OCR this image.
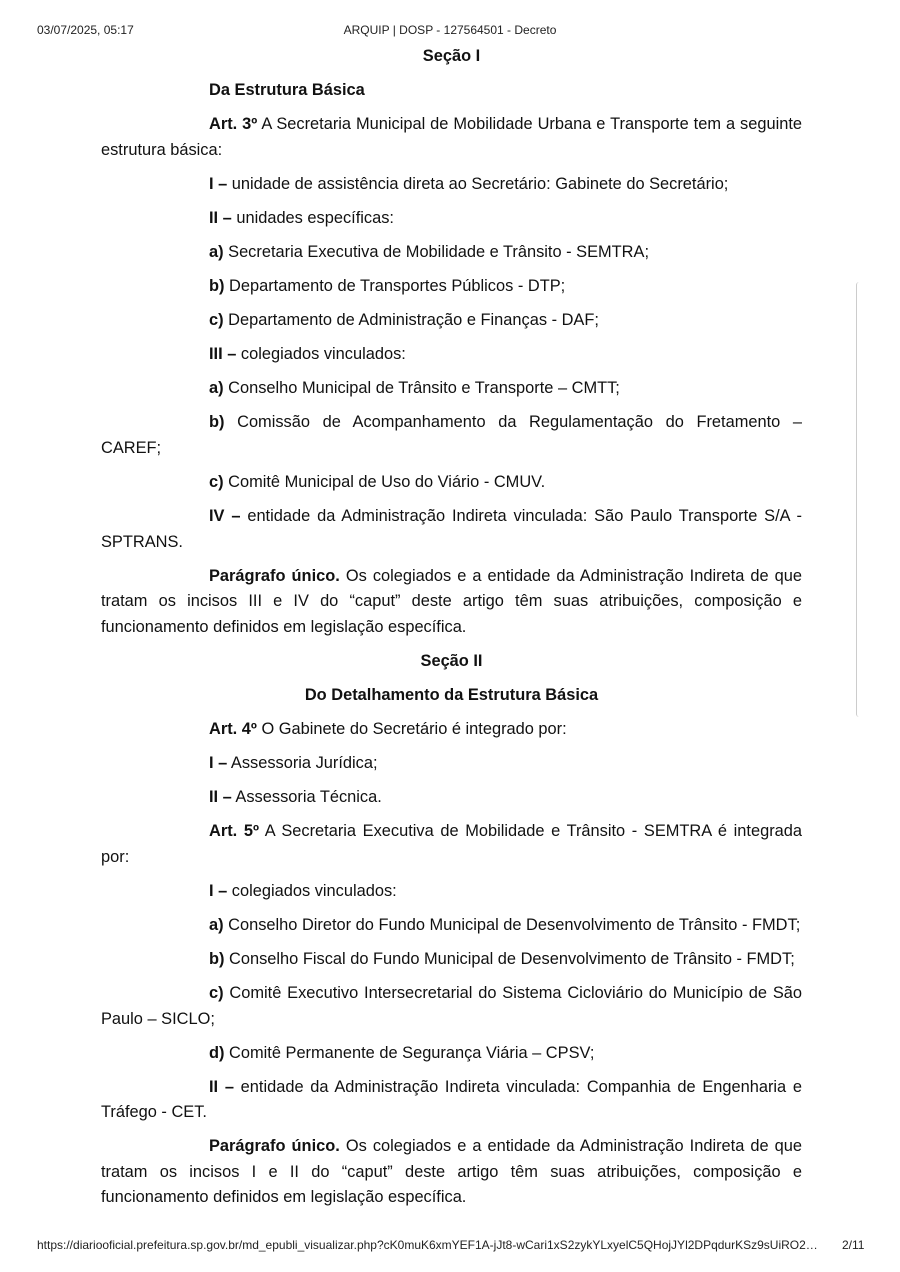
03/07/2025, 05:17	ARQUIP | DOSP - 127564501 - Decreto

Seção I

Da Estrutura Básica

Art. 3º A Secretaria Municipal de Mobilidade Urbana e Transporte tem a seguinte estrutura básica:

I – unidade de assistência direta ao Secretário: Gabinete do Secretário;

II – unidades específicas:

a) Secretaria Executiva de Mobilidade e Trânsito - SEMTRA;

b) Departamento de Transportes Públicos - DTP;

c) Departamento de Administração e Finanças - DAF;

III – colegiados vinculados:

a) Conselho Municipal de Trânsito e Transporte – CMTT;

b) Comissão de Acompanhamento da Regulamentação do Fretamento – CAREF;

c) Comitê Municipal de Uso do Viário - CMUV.

IV – entidade da Administração Indireta vinculada: São Paulo Transporte S/A - SPTRANS.

Parágrafo único. Os colegiados e a entidade da Administração Indireta de que tratam os incisos III e IV do “caput” deste artigo têm suas atribuições, composição e funcionamento definidos em legislação específica.

Seção II

Do Detalhamento da Estrutura Básica

Art. 4º O Gabinete do Secretário é integrado por:

I – Assessoria Jurídica;

II – Assessoria Técnica.

Art. 5º A Secretaria Executiva de Mobilidade e Trânsito - SEMTRA é integrada por:

I – colegiados vinculados:

a) Conselho Diretor do Fundo Municipal de Desenvolvimento de Trânsito - FMDT;

b) Conselho Fiscal do Fundo Municipal de Desenvolvimento de Trânsito - FMDT;

c) Comitê Executivo Intersecretarial do Sistema Cicloviário do Município de São Paulo – SICLO;

d) Comitê Permanente de Segurança Viária – CPSV;

II – entidade da Administração Indireta vinculada: Companhia de Engenharia e Tráfego - CET.

Parágrafo único. Os colegiados e a entidade da Administração Indireta de que tratam os incisos I e II do “caput” deste artigo têm suas atribuições, composição e funcionamento definidos em legislação específica.

https://diariooficial.prefeitura.sp.gov.br/md_epubli_visualizar.php?cK0muK6xmYEF1A-jJt8-wCari1xS2zykYLxyelC5QHojJYl2DPqdurKSz9sUiRO2…	2/11
